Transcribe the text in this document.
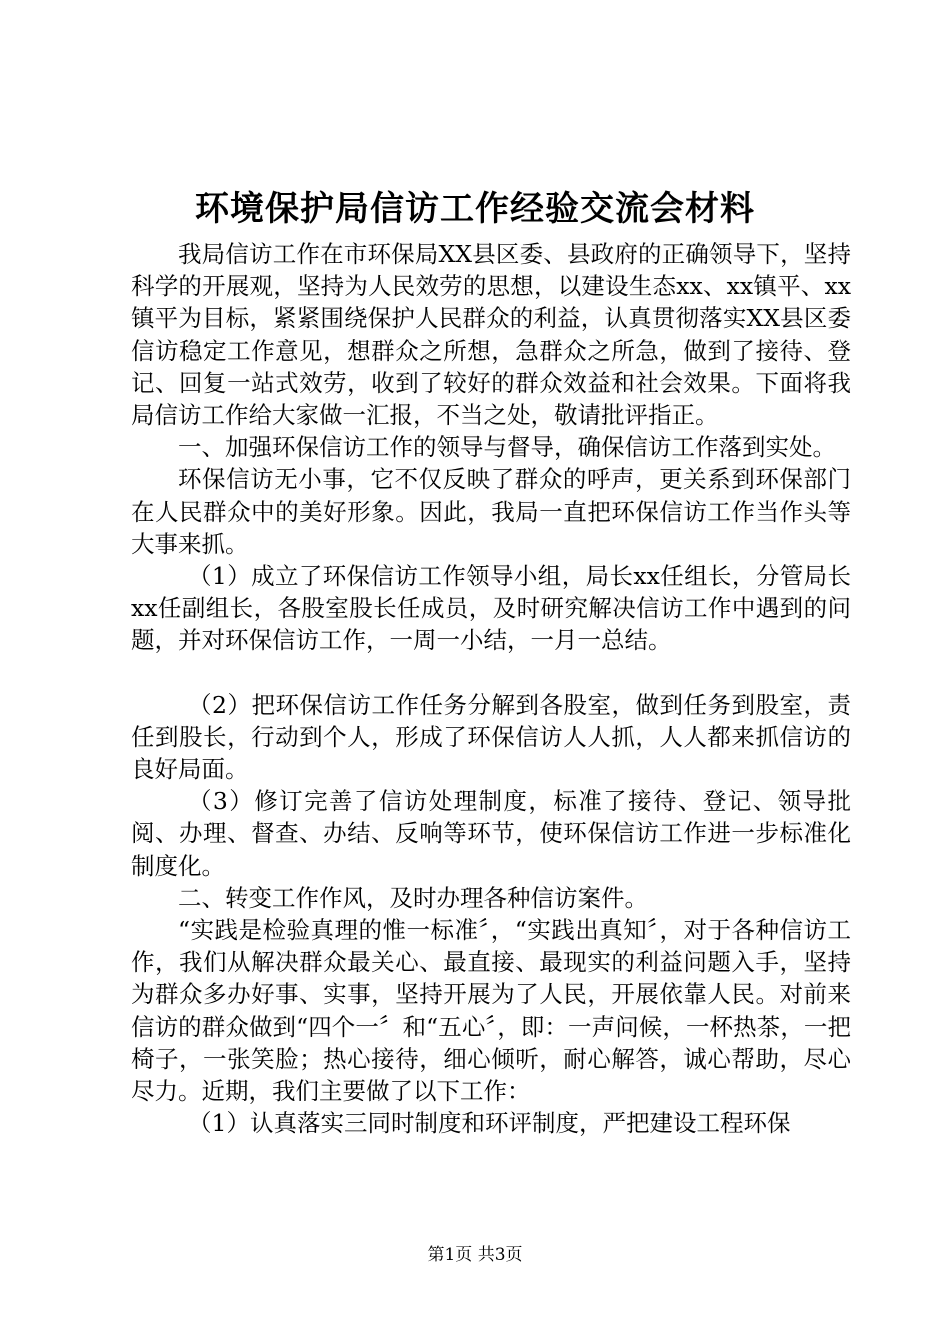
环境保护局信访工作经验交流会材料

我局信访工作在市环保局XX县区委、县政府的正确领导下，坚持科学的开展观，坚持为人民效劳的思想，以建设生态xx、xx镇平、xx镇平为目标，紧紧围绕保护人民群众的利益，认真贯彻落实XX县区委信访稳定工作意见，想群众之所想，急群众之所急，做到了接待、登记、回复一站式效劳，收到了较好的群众效益和社会效果。下面将我局信访工作给大家做一汇报，不当之处，敬请批评指正。

一、加强环保信访工作的领导与督导，确保信访工作落到实处。

环保信访无小事，它不仅反映了群众的呼声，更关系到环保部门在人民群众中的美好形象。因此，我局一直把环保信访工作当作头等大事来抓。

（1）成立了环保信访工作领导小组，局长xx任组长，分管局长xx任副组长，各股室股长任成员，及时研究解决信访工作中遇到的问题，并对环保信访工作，一周一小结，一月一总结。

（2）把环保信访工作任务分解到各股室，做到任务到股室，责任到股长，行动到个人，形成了环保信访人人抓，人人都来抓信访的良好局面。

（3）修订完善了信访处理制度，标准了接待、登记、领导批阅、办理、督查、办结、反响等环节，使环保信访工作进一步标准化制度化。

二、转变工作作风，及时办理各种信访案件。

“实践是检验真理的惟一标准〞，“实践出真知〞，对于各种信访工作，我们从解决群众最关心、最直接、最现实的利益问题入手，坚持为群众多办好事、实事，坚持开展为了人民，开展依靠人民。对前来信访的群众做到“四个一〞和“五心〞，即：一声问候，一杯热茶，一把椅子，一张笑脸；热心接待，细心倾听，耐心解答，诚心帮助，尽心尽力。近期，我们主要做了以下工作：

（1）认真落实三同时制度和环评制度，严把建设工程环保

第1页 共3页
